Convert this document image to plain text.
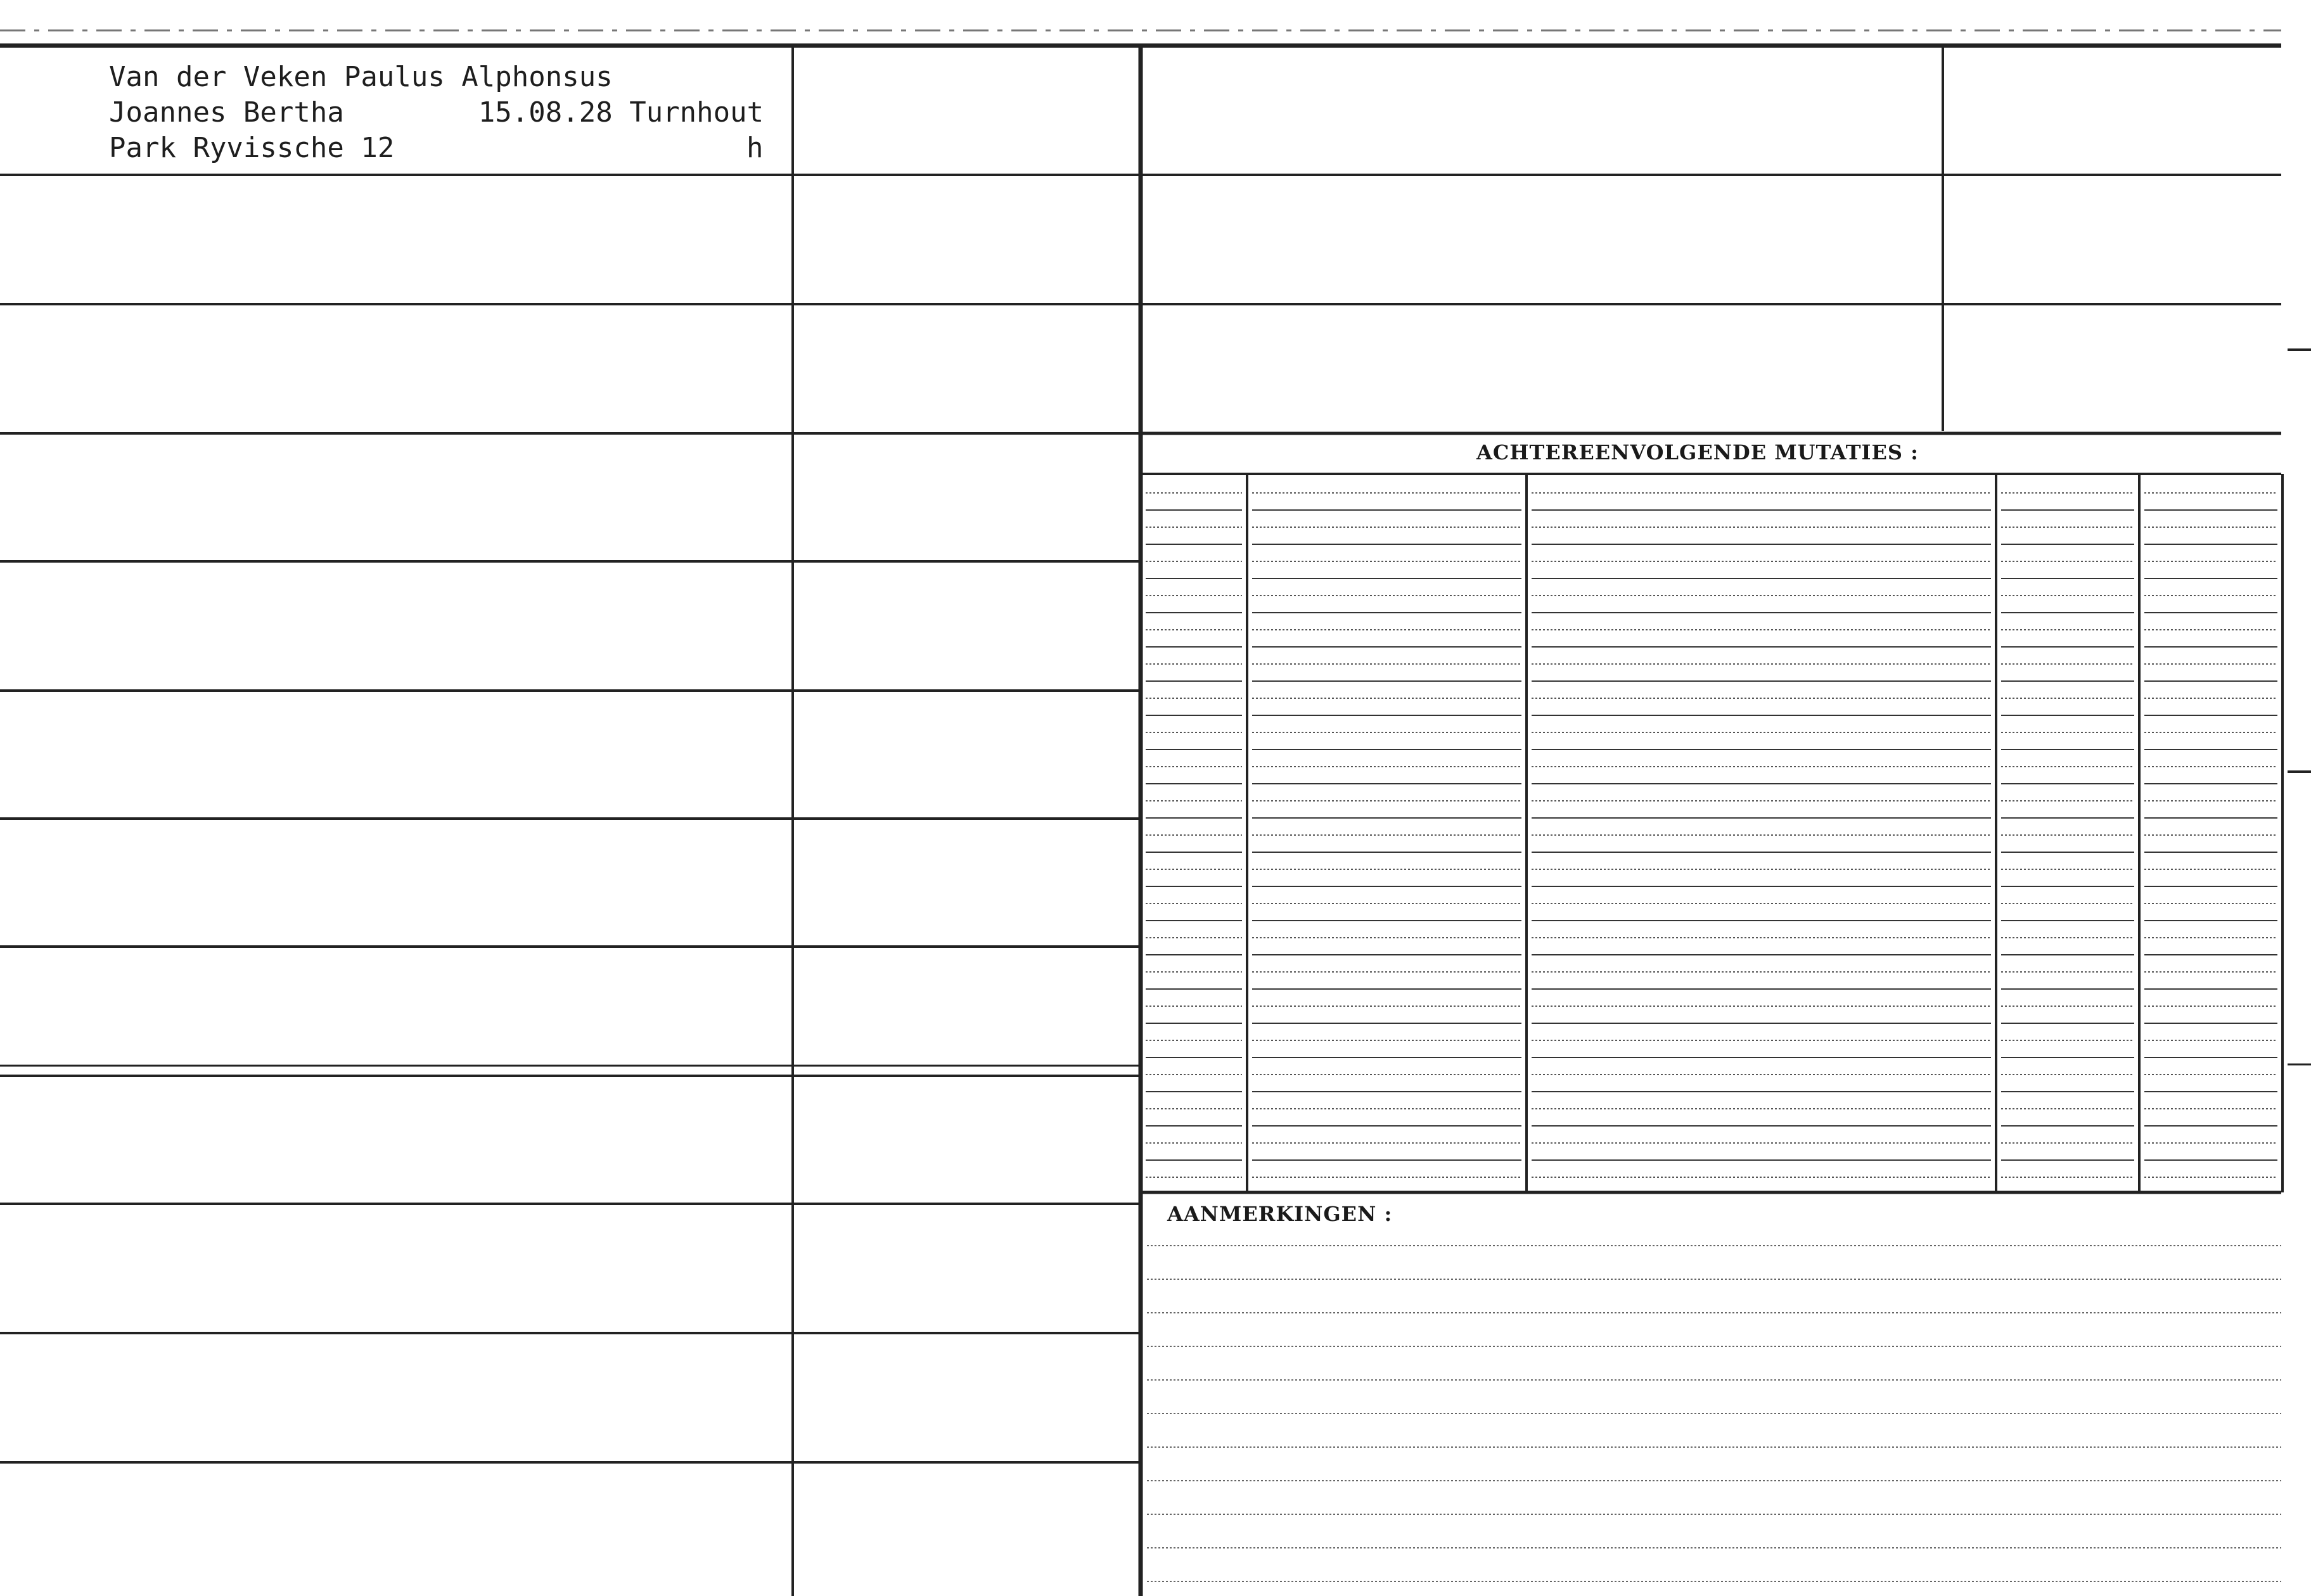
Van der Veken Paulus Alphonsus

Joannes Bertha        15.08.28 Turnhout

Park Ryvissche 12	h

ACHTEREENVOLGENDE MUTATIES :

AANMERKINGEN :
